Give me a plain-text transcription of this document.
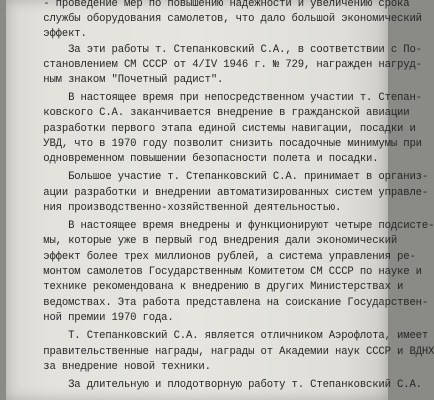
- проведение мер по повышению надежности и увеличению срока
службы оборудования самолетов, что дало большой экономический
эффект.
За эти работы т. Степанковский С.А., в соответствии с По-
становлением СМ СССР от 4/IV 1946 г. № 729, награжден нагруд-
ным знаком "Почетный радист".
В настоящее время при непосредственном участии т. Степан-
ковского С.А. заканчивается внедрение в гражданской авиации
разработки первого этапа единой системы навигации, посадки и
УВД, что в 1970 году позволит снизить посадочные минимумы при
одновременном повышении безопасности полета и посадки.
Большое участие т. Степанковский С.А. принимает в организ-
ации разработки и внедрении автоматизированных систем управле-
ния производственно-хозяйственной деятельностью.
В настоящее время внедрены и функционируют четыре подсисте-
мы, которые уже в первый год внедрения дали экономический
эффект более трех миллионов рублей, а система управления ре-
монтом самолетов Государственным Комитетом СМ СССР по науке и
технике рекомендована к внедрению в других Министерствах и
ведомствах. Эта работа представлена на соискание Государствен-
ной премии 1970 года.
Т. Степанковский С.А. является отличником Аэрофлота, имеет
правительственные награды, награды от Академии наук СССР и ВДНХ
за внедрение новой техники.
За длительную и плодотворную работу т. Степанковский С.А.
